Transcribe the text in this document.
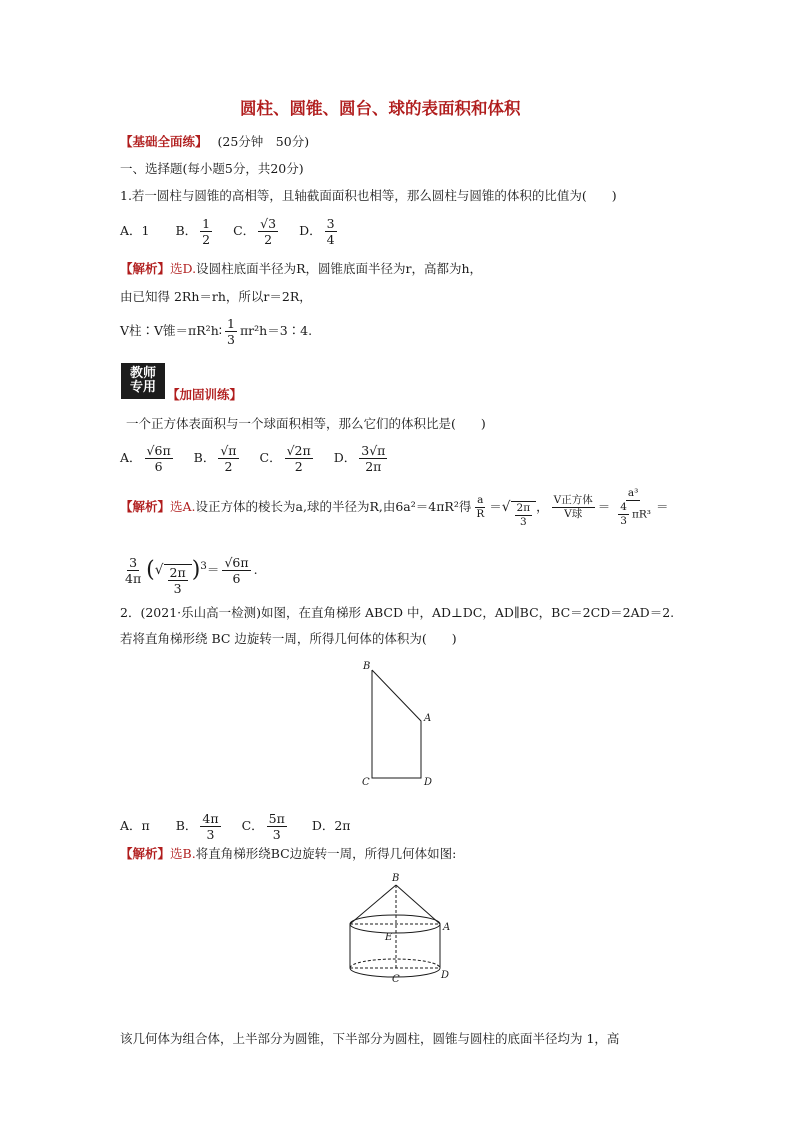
圆柱、圆锥、圆台、球的表面积和体积
【基础全面练】 (25分钟　50分)
一、选择题(每小题5分，共20分)
1.若一圆柱与圆锥的高相等，且轴截面面积也相等，那么圆柱与圆锥的体积的比值为(　　)
A．1 B． $\frac{1}{2}$ C． $\frac{√3}{2}$ D． $\frac{3}{4}$
【解析】选D.设圆柱底面半径为R，圆锥底面半径为r，高都为h，
由已知得 2Rh＝rh，所以r＝2R，
V柱∶V锥＝πR²h∶ $\frac{1}{3}$ πr²h＝3∶4.
教师
专用 【加固训练】
一个正方体表面积与一个球面积相等，那么它们的体积比是(　　)
A． $\frac{√6\pi}{6}$ B． $\frac{√\pi}{2}$ C． $\frac{√2\pi}{2}$ D． $\frac{3√\pi}{2\pi}$
【解析】选A.设正方体的棱长为a,球的半径为R,由6a²＝4πR²得 $\frac{a}{R}$ ＝ √ $\frac{2\pi}{3}$ ， $\frac{\text{V正方体}}{\text{V球}} = \frac{\text{a³}}{\frac{4}{3} \pi R^3}$ ＝
$\frac{3}{4\pi}$ ( √ $\frac{2\pi}{3} )^3= \frac{√6\pi}{6}$ .
2．(2021·乐山高一检测)如图，在直角梯形 ABCD 中，AD⊥DC，AD∥BC，BC＝2CD＝2AD＝2.
若将直角梯形绕 BC 边旋转一周，所得几何体的体积为(　　)
B
A
C	D
A．π B． $\frac{4\pi}{3}$ C． $\frac{5\pi}{3}$ D．2π
【解析】选B.将直角梯形绕BC边旋转一周，所得几何体如图:
B
A
E
C	D
该几何体为组合体，上半部分为圆锥，下半部分为圆柱，圆锥与圆柱的底面半径均为 1，高
